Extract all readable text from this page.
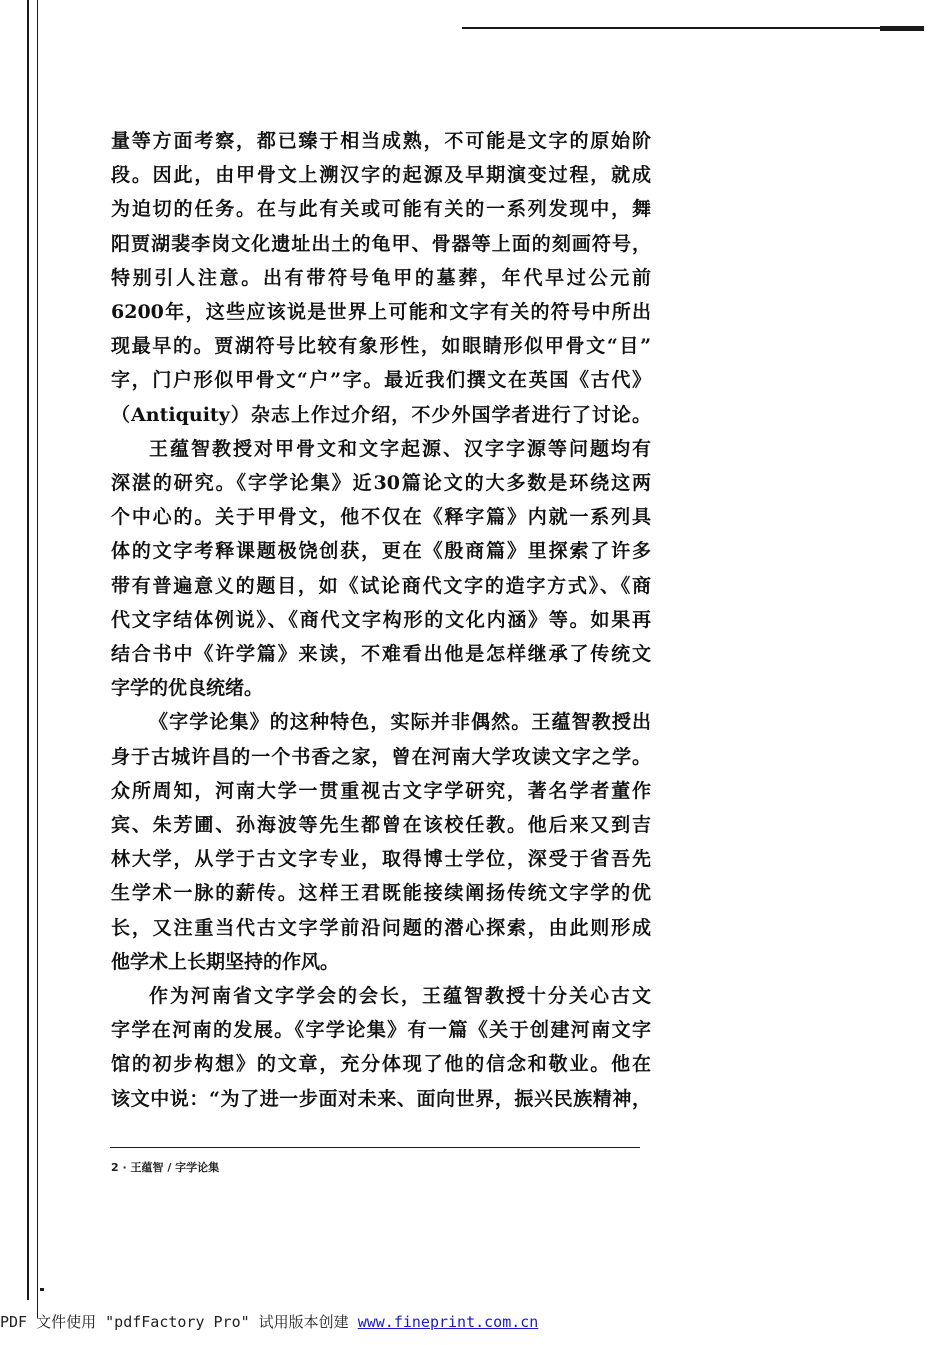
量等方面考察，都已臻于相当成熟，不可能是文字的原始阶
段。因此，由甲骨文上溯汉字的起源及早期演变过程，就成
为迫切的任务。在与此有关或可能有关的一系列发现中，舞
阳贾湖裴李岗文化遗址出土的龟甲、骨器等上面的刻画符号，
特别引人注意。出有带符号龟甲的墓葬，年代早过公元前
6200年，这些应该说是世界上可能和文字有关的符号中所出
现最早的。贾湖符号比较有象形性，如眼睛形似甲骨文“目”
字，门户形似甲骨文“户”字。最近我们撰文在英国《古代》
（Antiquity）杂志上作过介绍，不少外国学者进行了讨论。

王蕴智教授对甲骨文和文字起源、汉字字源等问题均有
深湛的研究。《字学论集》近30篇论文的大多数是环绕这两
个中心的。关于甲骨文，他不仅在《释字篇》内就一系列具
体的文字考释课题极饶创获，更在《殷商篇》里探索了许多
带有普遍意义的题目，如《试论商代文字的造字方式》、《商
代文字结体例说》、《商代文字构形的文化内涵》等。如果再
结合书中《许学篇》来读，不难看出他是怎样继承了传统文
字学的优良统绪。

《字学论集》的这种特色，实际并非偶然。王蕴智教授出
身于古城许昌的一个书香之家，曾在河南大学攻读文字之学。
众所周知，河南大学一贯重视古文字学研究，著名学者董作
宾、朱芳圃、孙海波等先生都曾在该校任教。他后来又到吉
林大学，从学于古文字专业，取得博士学位，深受于省吾先
生学术一脉的薪传。这样王君既能接续阐扬传统文字学的优
长，又注重当代古文字学前沿问题的潜心探索，由此则形成
他学术上长期坚持的作风。

作为河南省文字学会的会长，王蕴智教授十分关心古文
字学在河南的发展。《字学论集》有一篇《关于创建河南文字
馆的初步构想》的文章，充分体现了他的信念和敬业。他在
该文中说：“为了进一步面对未来、面向世界，振兴民族精神，

2 · 王蕴智 / 字学论集
PDF 文件使用 "pdfFactory Pro" 试用版本创建 www.fineprint.com.cn
